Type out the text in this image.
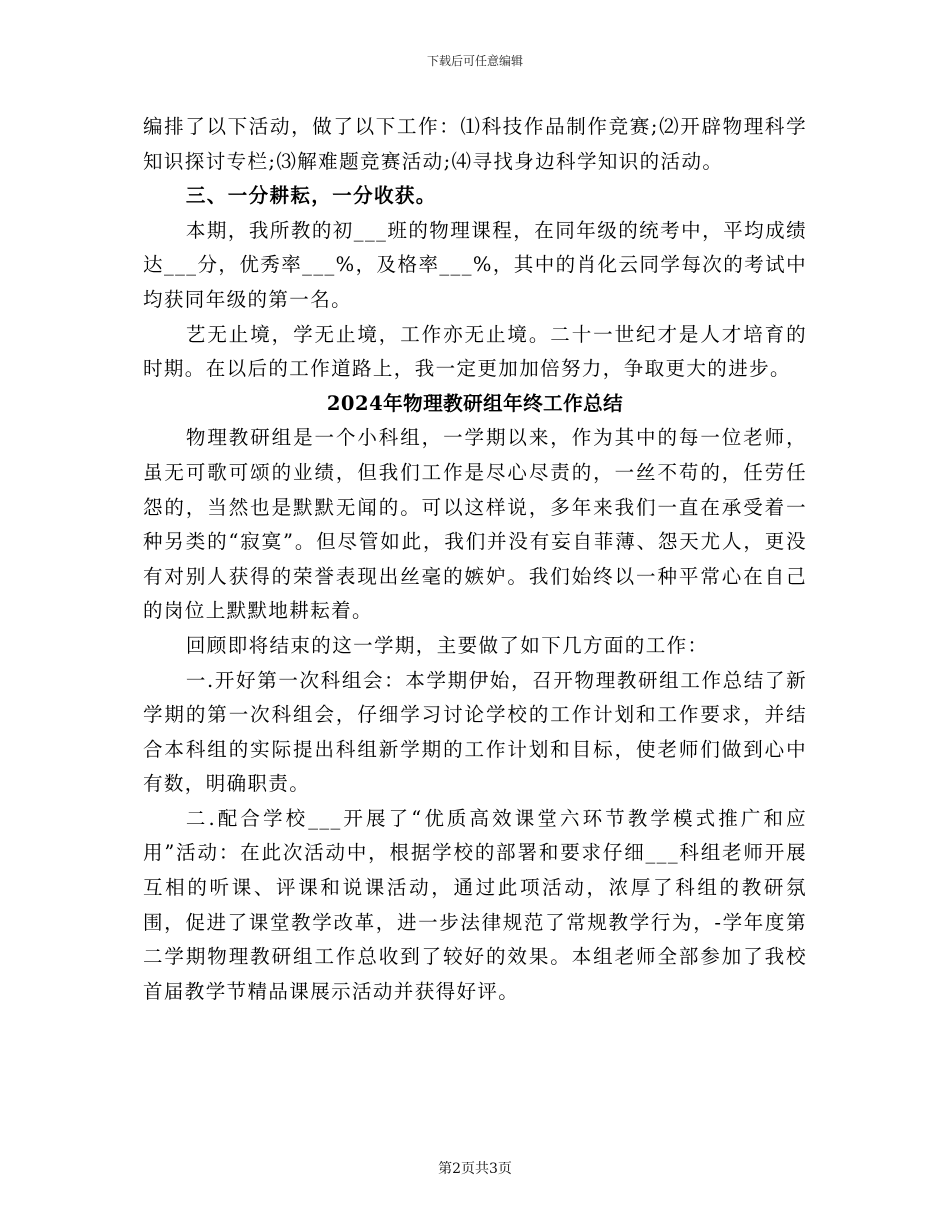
下载后可任意编辑

编排了以下活动，做了以下工作：⑴科技作品制作竞赛;⑵开辟物理科学知识探讨专栏;⑶解难题竞赛活动;⑷寻找身边科学知识的活动。

三、一分耕耘，一分收获。

本期，我所教的初___班的物理课程，在同年级的统考中，平均成绩达___分，优秀率___%，及格率___%，其中的肖化云同学每次的考试中均获同年级的第一名。

艺无止境，学无止境，工作亦无止境。二十一世纪才是人才培育的时期。在以后的工作道路上，我一定更加加倍努力，争取更大的进步。

2024年物理教研组年终工作总结

物理教研组是一个小科组，一学期以来，作为其中的每一位老师，虽无可歌可颂的业绩，但我们工作是尽心尽责的，一丝不苟的，任劳任怨的，当然也是默默无闻的。可以这样说，多年来我们一直在承受着一种另类的“寂寞”。但尽管如此，我们并没有妄自菲薄、怨天尤人，更没有对别人获得的荣誉表现出丝毫的嫉妒。我们始终以一种平常心在自己的岗位上默默地耕耘着。

回顾即将结束的这一学期，主要做了如下几方面的工作：

一.开好第一次科组会：本学期伊始，召开物理教研组工作总结了新学期的第一次科组会，仔细学习讨论学校的工作计划和工作要求，并结合本科组的实际提出科组新学期的工作计划和目标，使老师们做到心中有数，明确职责。

二.配合学校___开展了“优质高效课堂六环节教学模式推广和应用”活动：在此次活动中，根据学校的部署和要求仔细___科组老师开展互相的听课、评课和说课活动，通过此项活动，浓厚了科组的教研氛围，促进了课堂教学改革，进一步法律规范了常规教学行为，-学年度第二学期物理教研组工作总收到了较好的效果。本组老师全部参加了我校首届教学节精品课展示活动并获得好评。

第2页共3页
